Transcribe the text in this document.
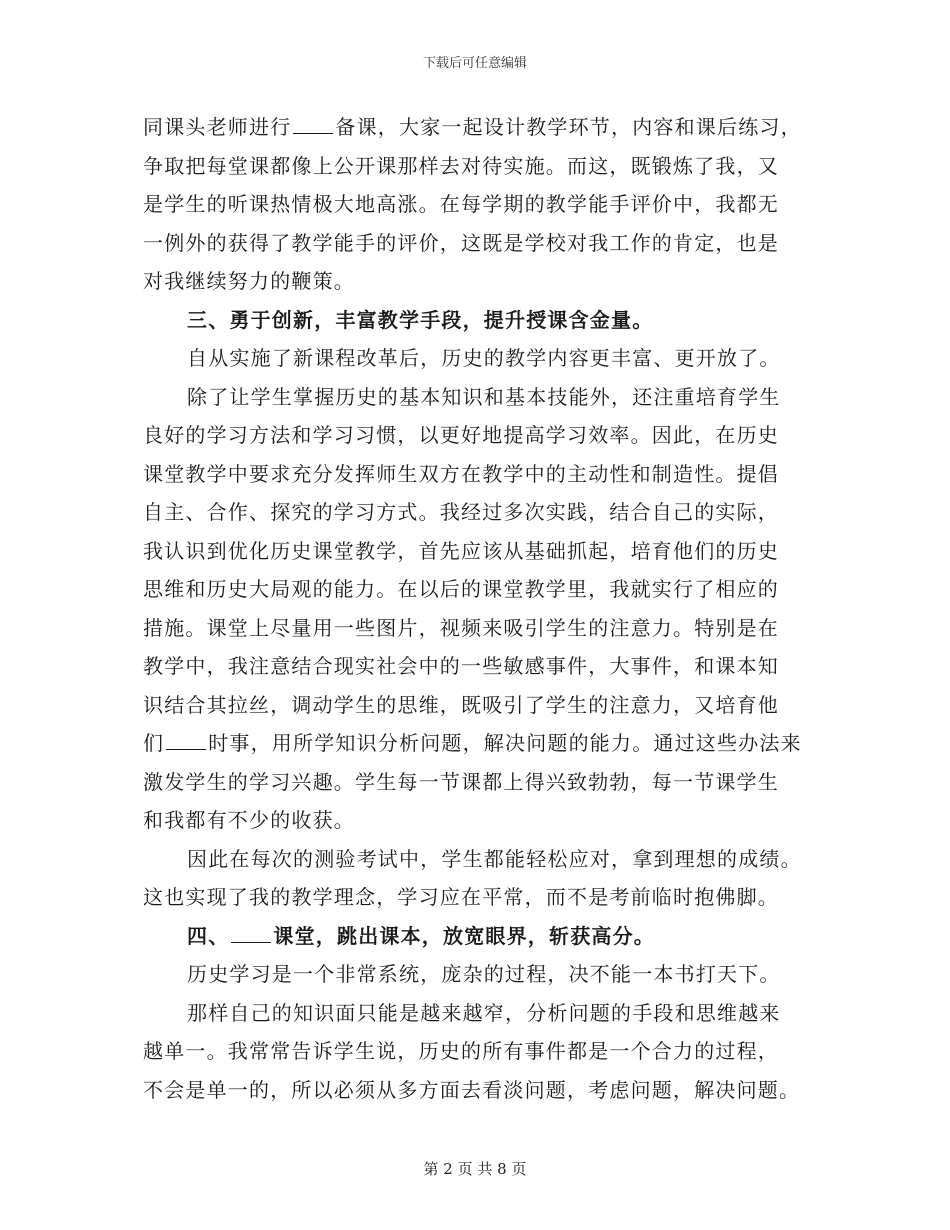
下载后可任意编辑
同课头老师进行 备课，大家一起设计教学环节，内容和课后练习，
争取把每堂课都像上公开课那样去对待实施。而这，既锻炼了我，又
是学生的听课热情极大地高涨。在每学期的教学能手评价中，我都无
一例外的获得了教学能手的评价，这既是学校对我工作的肯定，也是
对我继续努力的鞭策。
三、勇于创新，丰富教学手段，提升授课含金量。
自从实施了新课程改革后，历史的教学内容更丰富、更开放了。
除了让学生掌握历史的基本知识和基本技能外，还注重培育学生
良好的学习方法和学习习惯，以更好地提高学习效率。因此，在历史
课堂教学中要求充分发挥师生双方在教学中的主动性和制造性。提倡
自主、合作、探究的学习方式。我经过多次实践，结合自己的实际，
我认识到优化历史课堂教学，首先应该从基础抓起，培育他们的历史
思维和历史大局观的能力。在以后的课堂教学里，我就实行了相应的
措施。课堂上尽量用一些图片，视频来吸引学生的注意力。特别是在
教学中，我注意结合现实社会中的一些敏感事件，大事件，和课本知
识结合其拉丝，调动学生的思维，既吸引了学生的注意力，又培育他
们 时事，用所学知识分析问题，解决问题的能力。通过这些办法来
激发学生的学习兴趣。学生每一节课都上得兴致勃勃，每一节课学生
和我都有不少的收获。
因此在每次的测验考试中，学生都能轻松应对，拿到理想的成绩。
这也实现了我的教学理念，学习应在平常，而不是考前临时抱佛脚。
四、 课堂，跳出课本，放宽眼界，斩获高分。
历史学习是一个非常系统，庞杂的过程，决不能一本书打天下。
那样自己的知识面只能是越来越窄，分析问题的手段和思维越来
越单一。我常常告诉学生说，历史的所有事件都是一个合力的过程，
不会是单一的，所以必须从多方面去看淡问题，考虑问题，解决问题。
第 2 页 共 8 页
